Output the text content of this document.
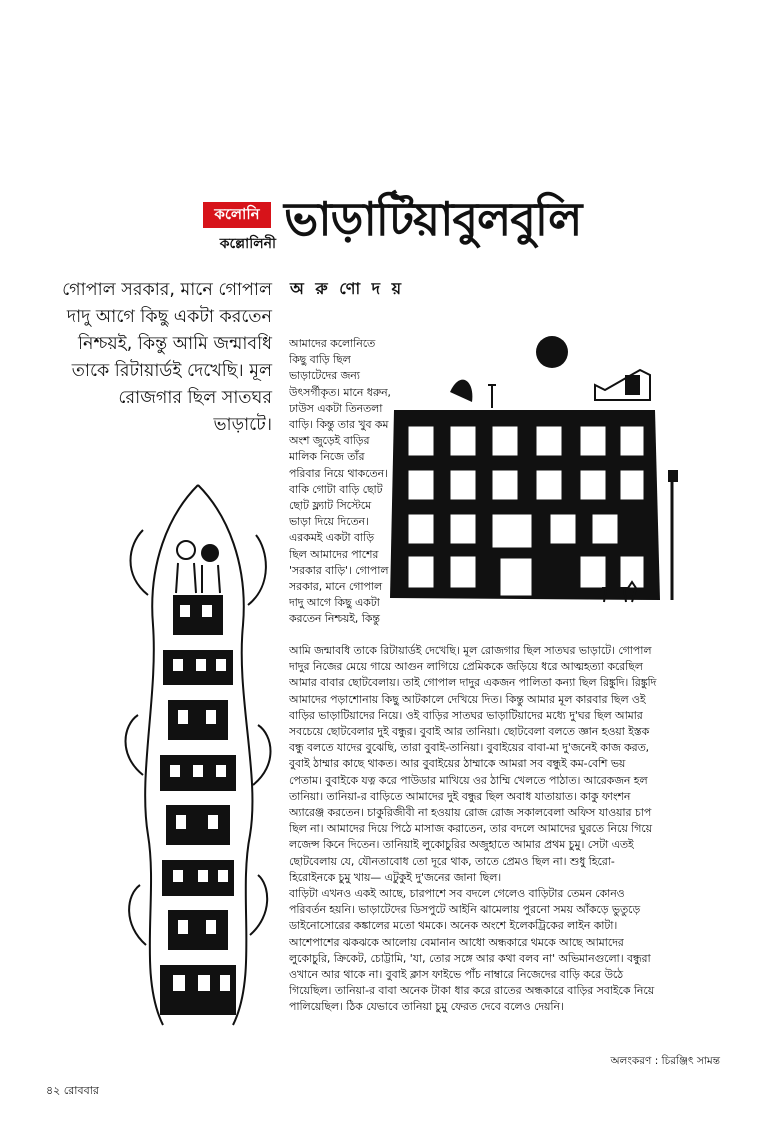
কলোনি
কল্লোলিনী ভাড়াটিয়াবুলবুলি
গোপাল সরকার, মানে গোপাল দাদু আগে কিছু একটা করতেন নিশ্চয়ই, কিন্তু আমি জন্মাবধি তাকে রিটায়ার্ডই দেখেছি। মূল রোজগার ছিল সাতঘর ভাড়াটে।
অ রু ণো দ য়

আমাদের কলোনিতে

কিছু বাড়ি ছিল

ভাড়াটেদের জন্য

উৎসর্গীকৃত। মানে ধরুন,

ঢাউস একটা তিনতলা

বাড়ি। কিন্তু তার খুব কম

অংশ জুড়েই বাড়ির

মালিক নিজে তাঁর

পরিবার নিয়ে থাকতেন।

বাকি গোটা বাড়ি ছোট

ছোট ফ্ল্যাট সিস্টেমে

ভাড়া দিয়ে দিতেন।

এরকমই একটা বাড়ি

ছিল আমাদের পাশের

'সরকার বাড়ি'। গোপাল

সরকার, মানে গোপাল

দাদু আগে কিছু একটা

করতেন নিশ্চয়ই, কিন্তু

আমি জন্মাবধি তাকে রিটায়ার্ডই দেখেছি। মূল রোজগার ছিল সাতঘর ভাড়াটে। গোপাল

দাদুর নিজের মেয়ে গায়ে আগুন লাগিয়ে প্রেমিককে জড়িয়ে ধরে আত্মহত্যা করেছিল

আমার বাবার ছোটবেলায়। তাই গোপাল দাদুর একজন পালিতা কন্যা ছিল রিঙ্কুদি। রিঙ্কুদি

আমাদের পড়াশোনায় কিছু আটকালে দেখিয়ে দিত। কিন্তু আমার মূল কারবার ছিল ওই

বাড়ির ভাড়াটিয়াদের নিয়ে। ওই বাড়ির সাতঘর ভাড়াটিয়াদের মধ্যে দু'ঘর ছিল আমার

সবচেয়ে ছোটবেলার দুই বন্ধুর। বুবাই আর তানিয়া। ছোটবেলা বলতে জ্ঞান হওয়া ইস্তক

বন্ধু বলতে যাদের বুঝেছি, তারা বুবাই-তানিয়া। বুবাইয়ের বাবা-মা দু'জনেই কাজ করত,

বুবাই ঠাম্মার কাছে থাকত। আর বুবাইয়ের ঠাম্মাকে আমরা সব বন্ধুই কম-বেশি ভয়

পেতাম। বুবাইকে যত্ন করে পাউডার মাখিয়ে ওর ঠাম্মি খেলতে পাঠাত। আরেকজন হল

তানিয়া। তানিয়া-র বাড়িতে আমাদের দুই বন্ধুর ছিল অবাধ যাতায়াত। কাকু ফাংশন

অ্যারেঞ্জ করতেন। চাকুরিজীবী না হওয়ায় রোজ রোজ সকালবেলা অফিস যাওয়ার চাপ

ছিল না। আমাদের দিয়ে পিঠে মাসাজ করাতেন, তার বদলে আমাদের ঘুরতে নিয়ে গিয়ে

লজেন্স কিনে দিতেন। তানিয়াই লুকোচুরির অজুহাতে আমার প্রথম চুমু। সেটা এতই

ছোটবেলায় যে, যৌনতাবোধ তো দূরে থাক, তাতে প্রেমও ছিল না। শুধু হিরো-

হিরোইনকে চুমু খায়— এটুকুই দু'জনের জানা ছিল।

বাড়িটা এখনও একই আছে, চারপাশে সব বদলে গেলেও বাড়িটার তেমন কোনও

পরিবর্তন হয়নি। ভাড়াটেদের ডিসপুটে আইনি ঝামেলায় পুরনো সময় আঁকড়ে ভুতুড়ে

ডাইনোসোরের কঙ্কালের মতো থমকে। অনেক অংশে ইলেকট্রিকের লাইন কাটা।

আশেপাশের ঝকঝকে আলোয় বেমানান আধো অন্ধকারে থমকে আছে আমাদের

লুকোচুরি, ক্রিকেট, চোট্টামি, 'যা, তোর সঙ্গে আর কথা বলব না' অভিমানগুলো। বন্ধুরা

ওখানে আর থাকে না। বুবাই ক্লাস ফাইভে পাঁচ নাম্বারে নিজেদের বাড়ি করে উঠে

গিয়েছিল। তানিয়া-র বাবা অনেক টাকা ধার করে রাতের অন্ধকারে বাড়ির সবাইকে নিয়ে

পালিয়েছিল। ঠিক যেভাবে তানিয়া চুমু ফেরত দেবে বলেও দেয়নি।

অলংকরণ : চিরঞ্জিৎ সামন্ত
৪২ রোববার
